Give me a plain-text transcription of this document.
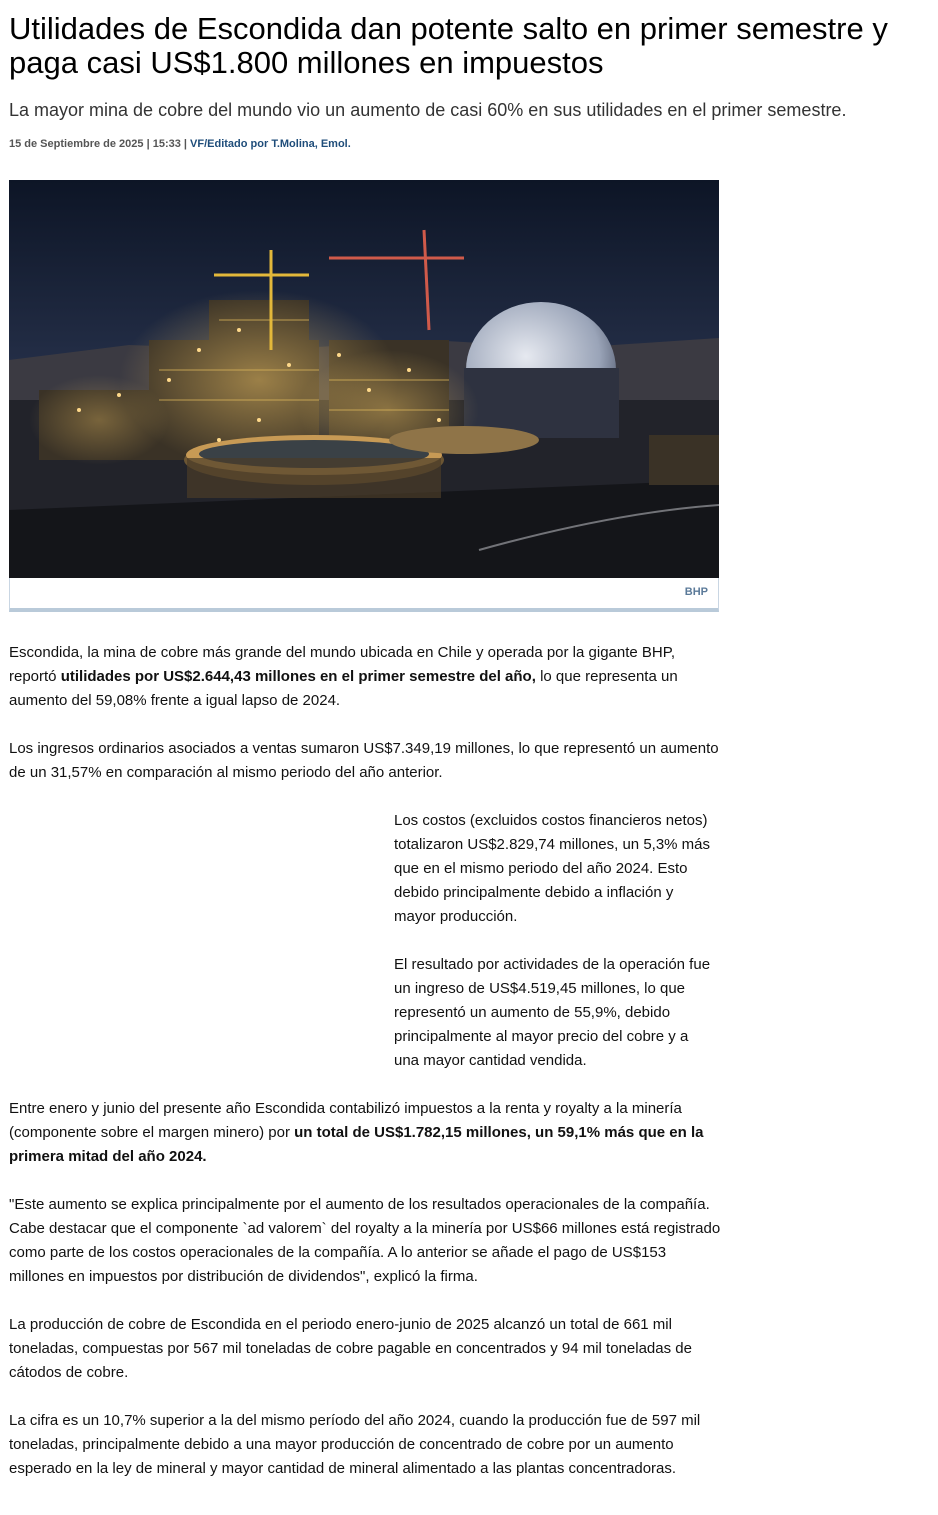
Utilidades de Escondida dan potente salto en primer semestre y paga casi US$1.800 millones en impuestos

La mayor mina de cobre del mundo vio un aumento de casi 60% en sus utilidades en el primer semestre.

15 de Septiembre de 2025 | 15:33 | VF/Editado por T.Molina, Emol.
BHP

Escondida, la mina de cobre más grande del mundo ubicada en Chile y operada por la gigante BHP, reportó utilidades por US$2.644,43 millones en el primer semestre del año, lo que representa un aumento del 59,08% frente a igual lapso de 2024.

Los ingresos ordinarios asociados a ventas sumaron US$7.349,19 millones, lo que representó un aumento de un 31,57% en comparación al mismo periodo del año anterior.

Los costos (excluidos costos financieros netos) totalizaron US$2.829,74 millones, un 5,3% más que en el mismo periodo del año 2024. Esto debido principalmente debido a inflación y mayor producción.

El resultado por actividades de la operación fue un ingreso de US$4.519,45 millones, lo que representó un aumento de 55,9%, debido principalmente al mayor precio del cobre y a una mayor cantidad vendida.

Entre enero y junio del presente año Escondida contabilizó impuestos a la renta y royalty a la minería (componente sobre el margen minero) por un total de US$1.782,15 millones, un 59,1% más que en la primera mitad del año 2024.

"Este aumento se explica principalmente por el aumento de los resultados operacionales de la compañía. Cabe destacar que el componente `ad valorem` del royalty a la minería por US$66 millones está registrado como parte de los costos operacionales de la compañía. A lo anterior se añade el pago de US$153 millones en impuestos por distribución de dividendos", explicó la firma.

La producción de cobre de Escondida en el periodo enero-junio de 2025 alcanzó un total de 661 mil toneladas, compuestas por 567 mil toneladas de cobre pagable en concentrados y 94 mil toneladas de cátodos de cobre.

La cifra es un 10,7% superior a la del mismo período del año 2024, cuando la producción fue de 597 mil toneladas, principalmente debido a una mayor producción de concentrado de cobre por un aumento esperado en la ley de mineral y mayor cantidad de mineral alimentado a las plantas concentradoras.
